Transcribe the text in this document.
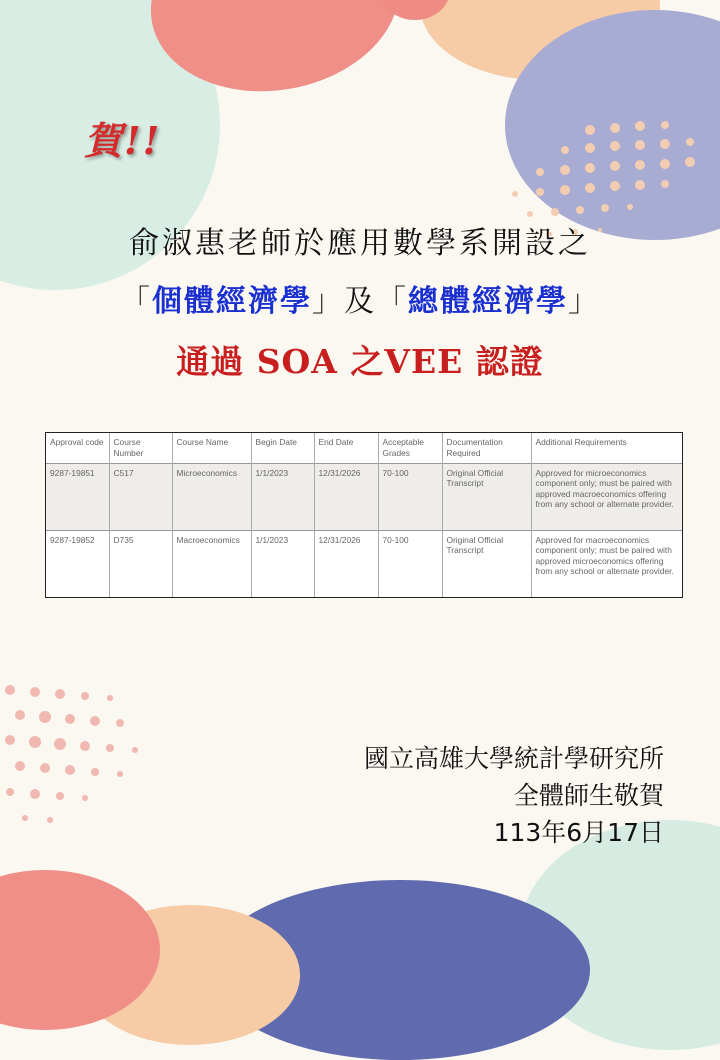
賀!!
俞淑惠老師於應用數學系開設之
「個體經濟學」及「總體經濟學」
通過 SOA 之VEE 認證
Approval code	Course Number	Course Name	Begin Date	End Date	Acceptable Grades	Documentation Required	Additional Requirements
9287-19851	C517	Microeconomics	1/1/2023	12/31/2026	70-100	Original Official Transcript	Approved for microeconomics component only; must be paired with approved macroeconomics offering from any school or alternate provider.
9287-19852	D735	Macroeconomics	1/1/2023	12/31/2026	70-100	Original Official Transcript	Approved for macroeconomics component only; must be paired with approved microeconomics offering from any school or alternate provider.
國立高雄大學統計學研究所
全體師生敬賀
113年6月17日
